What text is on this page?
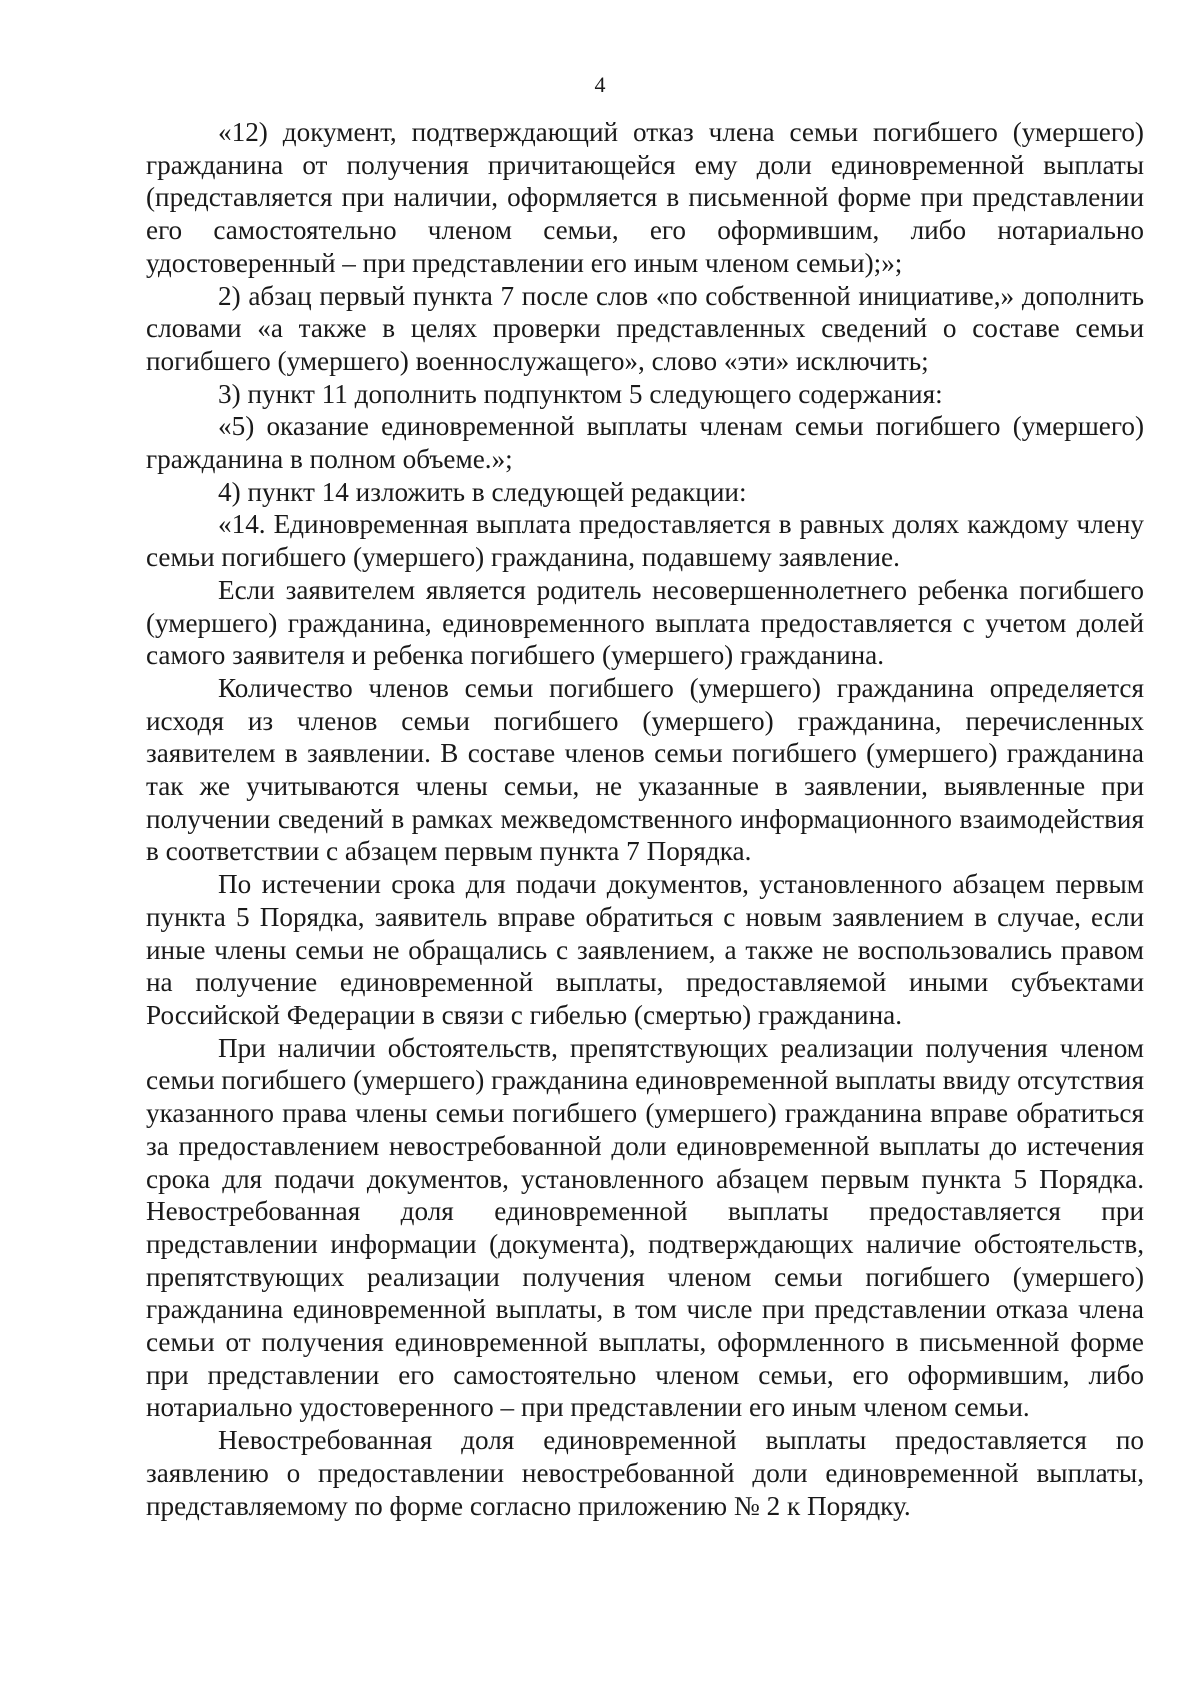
4

«12) документ, подтверждающий отказ члена семьи погибшего (умершего) гражданина от получения причитающейся ему доли единовременной выплаты (представляется при наличии, оформляется в письменной форме при представлении его самостоятельно членом семьи, его оформившим, либо нотариально удостоверенный – при представлении его иным членом семьи);»;

2) абзац первый пункта 7 после слов «по собственной инициативе,» дополнить словами «а также в целях проверки представленных сведений о составе семьи погибшего (умершего) военнослужащего», слово «эти» исключить;

3) пункт 11 дополнить подпунктом 5 следующего содержания:

«5) оказание единовременной выплаты членам семьи погибшего (умершего) гражданина в полном объеме.»;

4) пункт 14 изложить в следующей редакции:

«14. Единовременная выплата предоставляется в равных долях каждому члену семьи погибшего (умершего) гражданина, подавшему заявление.

Если заявителем является родитель несовершеннолетнего ребенка погибшего (умершего) гражданина, единовременного выплата предоставляется с учетом долей самого заявителя и ребенка погибшего (умершего) гражданина.

Количество членов семьи погибшего (умершего) гражданина определяется исходя из членов семьи погибшего (умершего) гражданина, перечисленных заявителем в заявлении. В составе членов семьи погибшего (умершего) гражданина так же учитываются члены семьи, не указанные в заявлении, выявленные при получении сведений в рамках межведомственного информационного взаимодействия в соответствии с абзацем первым пункта 7 Порядка.

По истечении срока для подачи документов, установленного абзацем первым пункта 5 Порядка, заявитель вправе обратиться с новым заявлением в случае, если иные члены семьи не обращались с заявлением, а также не воспользовались правом на получение единовременной выплаты, предоставляемой иными субъектами Российской Федерации в связи с гибелью (смертью) гражданина.

При наличии обстоятельств, препятствующих реализации получения членом семьи погибшего (умершего) гражданина единовременной выплаты ввиду отсутствия указанного права члены семьи погибшего (умершего) гражданина вправе обратиться за предоставлением невостребованной доли единовременной выплаты до истечения срока для подачи документов, установленного абзацем первым пункта 5 Порядка. Невостребованная доля единовременной выплаты предоставляется при представлении информации (документа), подтверждающих наличие обстоятельств, препятствующих реализации получения членом семьи погибшего (умершего) гражданина единовременной выплаты, в том числе при представлении отказа члена семьи от получения единовременной выплаты, оформленного в письменной форме при представлении его самостоятельно членом семьи, его оформившим, либо нотариально удостоверенного – при представлении его иным членом семьи.

Невостребованная доля единовременной выплаты предоставляется по заявлению о предоставлении невостребованной доли единовременной выплаты, представляемому по форме согласно приложению № 2 к Порядку.
